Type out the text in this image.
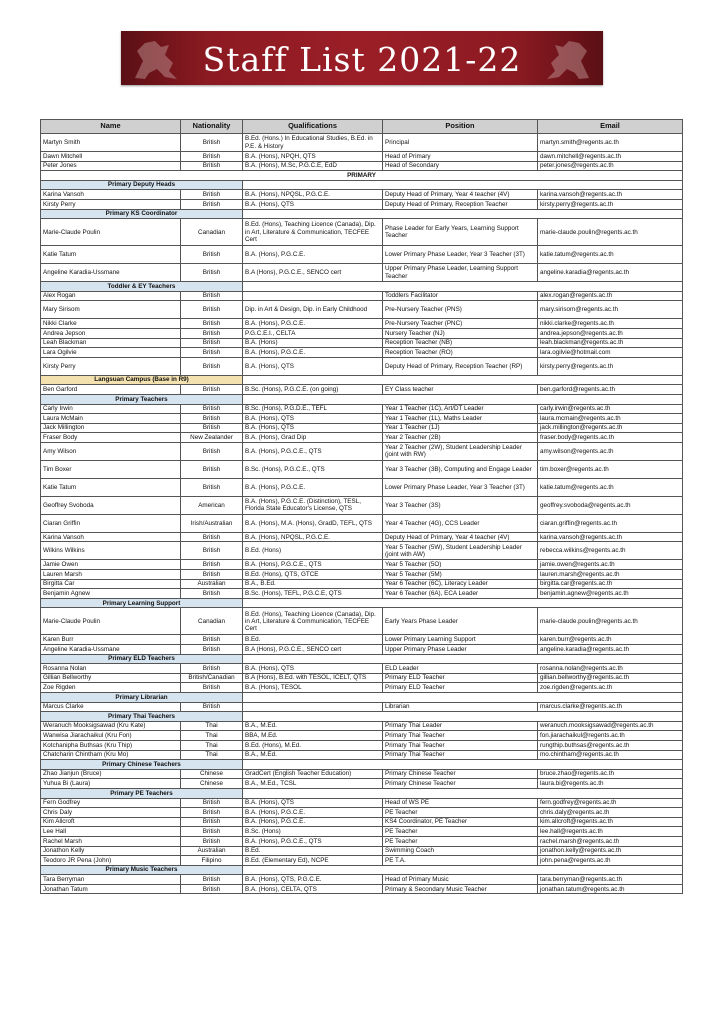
Staff List 2021-22
Name	Nationality	Qualifications	Position	Email
Martyn Smith	British	B.Ed. (Hons.) In Educational Studies, B.Ed. in P.E. & History	Principal	martyn.smith@regents.ac.th
Dawn Mitchell	British	B.A. (Hons), NPQH, QTS	Head of Primary	dawn.mitchell@regents.ac.th
Peter Jones	British	B.A. (Hons), M.Sc, P.G.C.E, EdD	Head of Secondary	peter.jones@regents.ac.th
PRIMARY				
Primary Deputy Heads				
Karina Vansoh	British	B.A. (Hons), NPQSL, P.G.C.E.	Deputy Head of Primary, Year 4 teacher (4V)	karina.vansoh@regents.ac.th
Kirsty Perry	British	B.A. (Hons), QTS	Deputy Head of Primary, Reception Teacher	kirsty.perry@regents.ac.th
Primary KS Coordinator				
Marie-Claude Poulin	Canadian	B.Ed. (Hons), Teaching Licence (Canada), Dip. in Art, Literature & Communication, TECFEE Cert	Phase Leader for Early Years, Learning Support Teacher	marie-claude.poulin@regents.ac.th
Katie Tatum	British	B.A. (Hons), P.G.C.E.	Lower Primary Phase Leader, Year 3 Teacher (3T)	katie.tatum@regents.ac.th
Angeline Karadia-Ussmane	British	B.A (Hons), P.G.C.E., SENCO cert	Upper Primary Phase Leader, Learning Support Teacher	angeline.karadia@regents.ac.th
Toddler & EY Teachers				
Alex Rogan	British		Toddlers Facilitator	alex.rogan@regents.ac.th
Mary Sirisom	British	Dip. in Art & Design, Dip. in Early Childhood	Pre-Nursery Teacher (PNS)	mary.sirisom@regents.ac.th
Nikki Clarke	British	B.A. (Hons), P.G.C.E.	Pre-Nursery Teacher (PNC)	nikki.clarke@regents.ac.th
Andrea Jepson	British	P.G.C.E.I., CELTA	Nursery Teacher (NJ)	andrea.jepson@regents.ac.th
Leah Blackman	British	B.A. (Hons)	Reception Teacher (NB)	leah.blackman@regents.ac.th
Lara Ogilvie	British	B.A. (Hons), P.G.C.E.	Reception Teacher (RO)	lara.ogilvie@hotmail.com
Kirsty Perry	British	B.A. (Hons), QTS	Deputy Head of Primary, Reception Teacher (RP)	kirsty.perry@regents.ac.th
Langsuan Campus (Base in R9)				
Ben Garford	British	B.Sc. (Hons), P.G.C.E. (on going)	EY Class teacher	ben.garford@regents.ac.th
Primary Teachers				
Carly Irwin	British	B.Sc. (Hons), P.G.D.E., TEFL	Year 1 Teacher (1C), Art/DT Leader	carly.irwin@regents.ac.th
Laura McMain	British	B.A. (Hons), QTS	Year 1 Teacher (1L), Maths Leader	laura.mcmain@regents.ac.th
Jack Millington	British	B.A. (Hons), QTS	Year 1 Teacher (1J)	jack.millington@regents.ac.th
Fraser Body	New Zealander	B.A. (Hons), Grad Dip	Year 2 Teacher (2B)	fraser.body@regents.ac.th
Amy Wilson	British	B.A. (Hons), P.G.C.E., QTS	Year 2 Teacher (2W), Student Leadership Leader (joint with RW)	amy.wilson@regents.ac.th
Tim Boxer	British	B.Sc. (Hons), P.G.C.E., QTS	Year 3 Teacher (3B), Computing and Engage Leader	tim.boxer@regents.ac.th
Katie Tatum	British	B.A. (Hons), P.G.C.E.	Lower Primary Phase Leader, Year 3 Teacher (3T)	katie.tatum@regents.ac.th
Geoffrey Svoboda	American	B.A. (Hons), P.G.C.E. (Distinction), TESL, Florida State Educator's License, QTS	Year 3 Teacher (3S)	geoffrey.svoboda@regents.ac.th
Ciaran Griffin	Irish/Australian	B.A. (Hons), M.A. (Hons), GradD, TEFL, QTS	Year 4 Teacher (4G), CCS Leader	ciaran.griffin@regents.ac.th
Karina Vansoh	British	B.A. (Hons), NPQSL, P.G.C.E.	Deputy Head of Primary, Year 4 teacher (4V)	karina.vansoh@regents.ac.th
Wilkins Wilkins	British	B.Ed. (Hons)	Year 5 Teacher (5W), Student Leadership Leader (joint with AW)	rebecca.wilkins@regents.ac.th
Jamie Owen	British	B.A. (Hons), P.G.C.E., QTS	Year 5 Teacher (5O)	jamie.owen@regents.ac.th
Lauren Marsh	British	B.Ed. (Hons), QTS, GTCE	Year 5 Teacher (5M)	lauren.marsh@regents.ac.th
Birgitta Car	Australian	B.A., B.Ed.	Year 6 Teacher (6C), Literacy Leader	birgitta.car@regents.ac.th
Benjamin Agnew	British	B.Sc. (Hons), TEFL, P.G.C.E, QTS	Year 6 Teacher (6A), ECA Leader	benjamin.agnew@regents.ac.th
Primary Learning Support				
Marie-Claude Poulin	Canadian	B.Ed. (Hons), Teaching Licence (Canada), Dip. in Art, Literature & Communication, TECFEE Cert	Early Years Phase Leader	marie-claude.poulin@regents.ac.th
Karen Burr	British	B.Ed.	Lower Primary Learning Support	karen.burr@regents.ac.th
Angeline Karadia-Ussmane	British	B.A (Hons), P.G.C.E., SENCO cert	Upper Primary Phase Leader	angeline.karadia@regents.ac.th
Primary ELD Teachers				
Rosanna Nolan	British	B.A. (Hons), QTS	ELD Leader	rosanna.nolan@regents.ac.th
Gillian Bellworthy	British/Canadian	B.A (Hons), B.Ed. with TESOL, ICELT, QTS	Primary ELD Teacher	gillian.bellworthy@regents.ac.th
Zoe Rigden	British	B.A. (Hons), TESOL	Primary ELD Teacher	zoe.rigden@regents.ac.th
Primary Librarian				
Marcus Clarke	British		Librarian	marcus.clarke@regents.ac.th
Primary Thai Teachers				
Weranuch Mooksigsawad (Kru Kate)	Thai	B.A., M.Ed.	Primary Thai Leader	weranuch.mooksigsawad@regents.ac.th
Wanwisa Jiarachaikul (Kru Fon)	Thai	BBA, M.Ed.	Primary Thai Teacher	fon.jiarachaikul@regents.ac.th
Kotchanipha Buthsas (Kru Thip)	Thai	B.Ed. (Hons), M.Ed.	Primary Thai Teacher	rungthip.buthsas@regents.ac.th
Chatcharin Chintham (Kru Mo)	Thai	B.A., M.Ed.	Primary Thai Teacher	mo.chintham@regents.ac.th
Primary Chinese Teachers				
Zhao Jianjun (Bruce)	Chinese	GradCert (English Teacher Education)	Primary Chinese Teacher	bruce.zhao@regents.ac.th
Yuhua Bi (Laura)	Chinese	B.A., M.Ed., TCSL	Primary Chinese Teacher	laura.bi@regents.ac.th
Primary PE Teachers				
Fern Godfrey	British	B.A. (Hons), QTS	Head of WS PE	fern.godfrey@regents.ac.th
Chris Daly	British	B.A. (Hons), P.G.C.E.	PE Teacher	chris.daly@regents.ac.th
Kim Allcroft	British	B.A. (Hons), P.G.C.E.	KS4 Coordinator, PE Teacher	kim.allcroft@regents.ac.th
Lee Hall	British	B.Sc. (Hons)	PE Teacher	lee.hall@regents.ac.th
Rachel Marsh	British	B.A. (Hons), P.G.C.E., QTS	PE Teacher	rachel.marsh@regents.ac.th
Jonathon Kelly	Australian	B.Ed.	Swimming Coach	jonathon.kelly@regents.ac.th
Teodoro JR Pena (John)	Filipino	B.Ed. (Elementary Ed), NCPE	PE T.A.	john.pena@regents.ac.th
Primary Music Teachers				
Tara Berryman	British	B.A. (Hons), QTS, P.G.C.E.	Head of Primary Music	tara.berryman@regents.ac.th
Jonathan Tatum	British	B.A. (Hons), CELTA, QTS	Primary & Secondary Music Teacher	jonathan.tatum@regents.ac.th
